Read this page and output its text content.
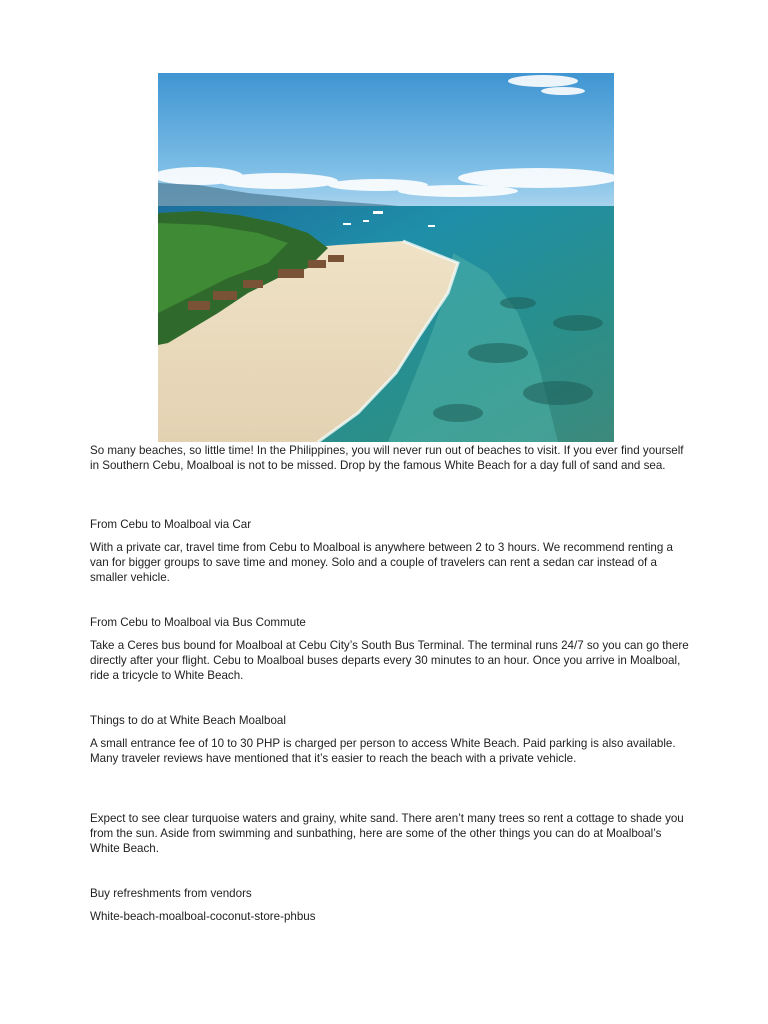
So many beaches, so little time! In the Philippines, you will never run out of beaches to visit. If you ever find yourself in Southern Cebu, Moalboal is not to be missed. Drop by the famous White Beach for a day full of sand and sea.

From Cebu to Moalboal via Car

With a private car, travel time from Cebu to Moalboal is anywhere between 2 to 3 hours. We recommend renting a van for bigger groups to save time and money. Solo and a couple of travelers can rent a sedan car instead of a smaller vehicle.

From Cebu to Moalboal via Bus Commute

Take a Ceres bus bound for Moalboal at Cebu City’s South Bus Terminal. The terminal runs 24/7 so you can go there directly after your flight. Cebu to Moalboal buses departs every 30 minutes to an hour. Once you arrive in Moalboal, ride a tricycle to White Beach.

Things to do at White Beach Moalboal

A small entrance fee of 10 to 30 PHP is charged per person to access White Beach. Paid parking is also available. Many traveler reviews have mentioned that it’s easier to reach the beach with a private vehicle.

Expect to see clear turquoise waters and grainy, white sand. There aren’t many trees so rent a cottage to shade you from the sun. Aside from swimming and sunbathing, here are some of the other things you can do at Moalboal’s White Beach.

Buy refreshments from vendors

White-beach-moalboal-coconut-store-phbus
